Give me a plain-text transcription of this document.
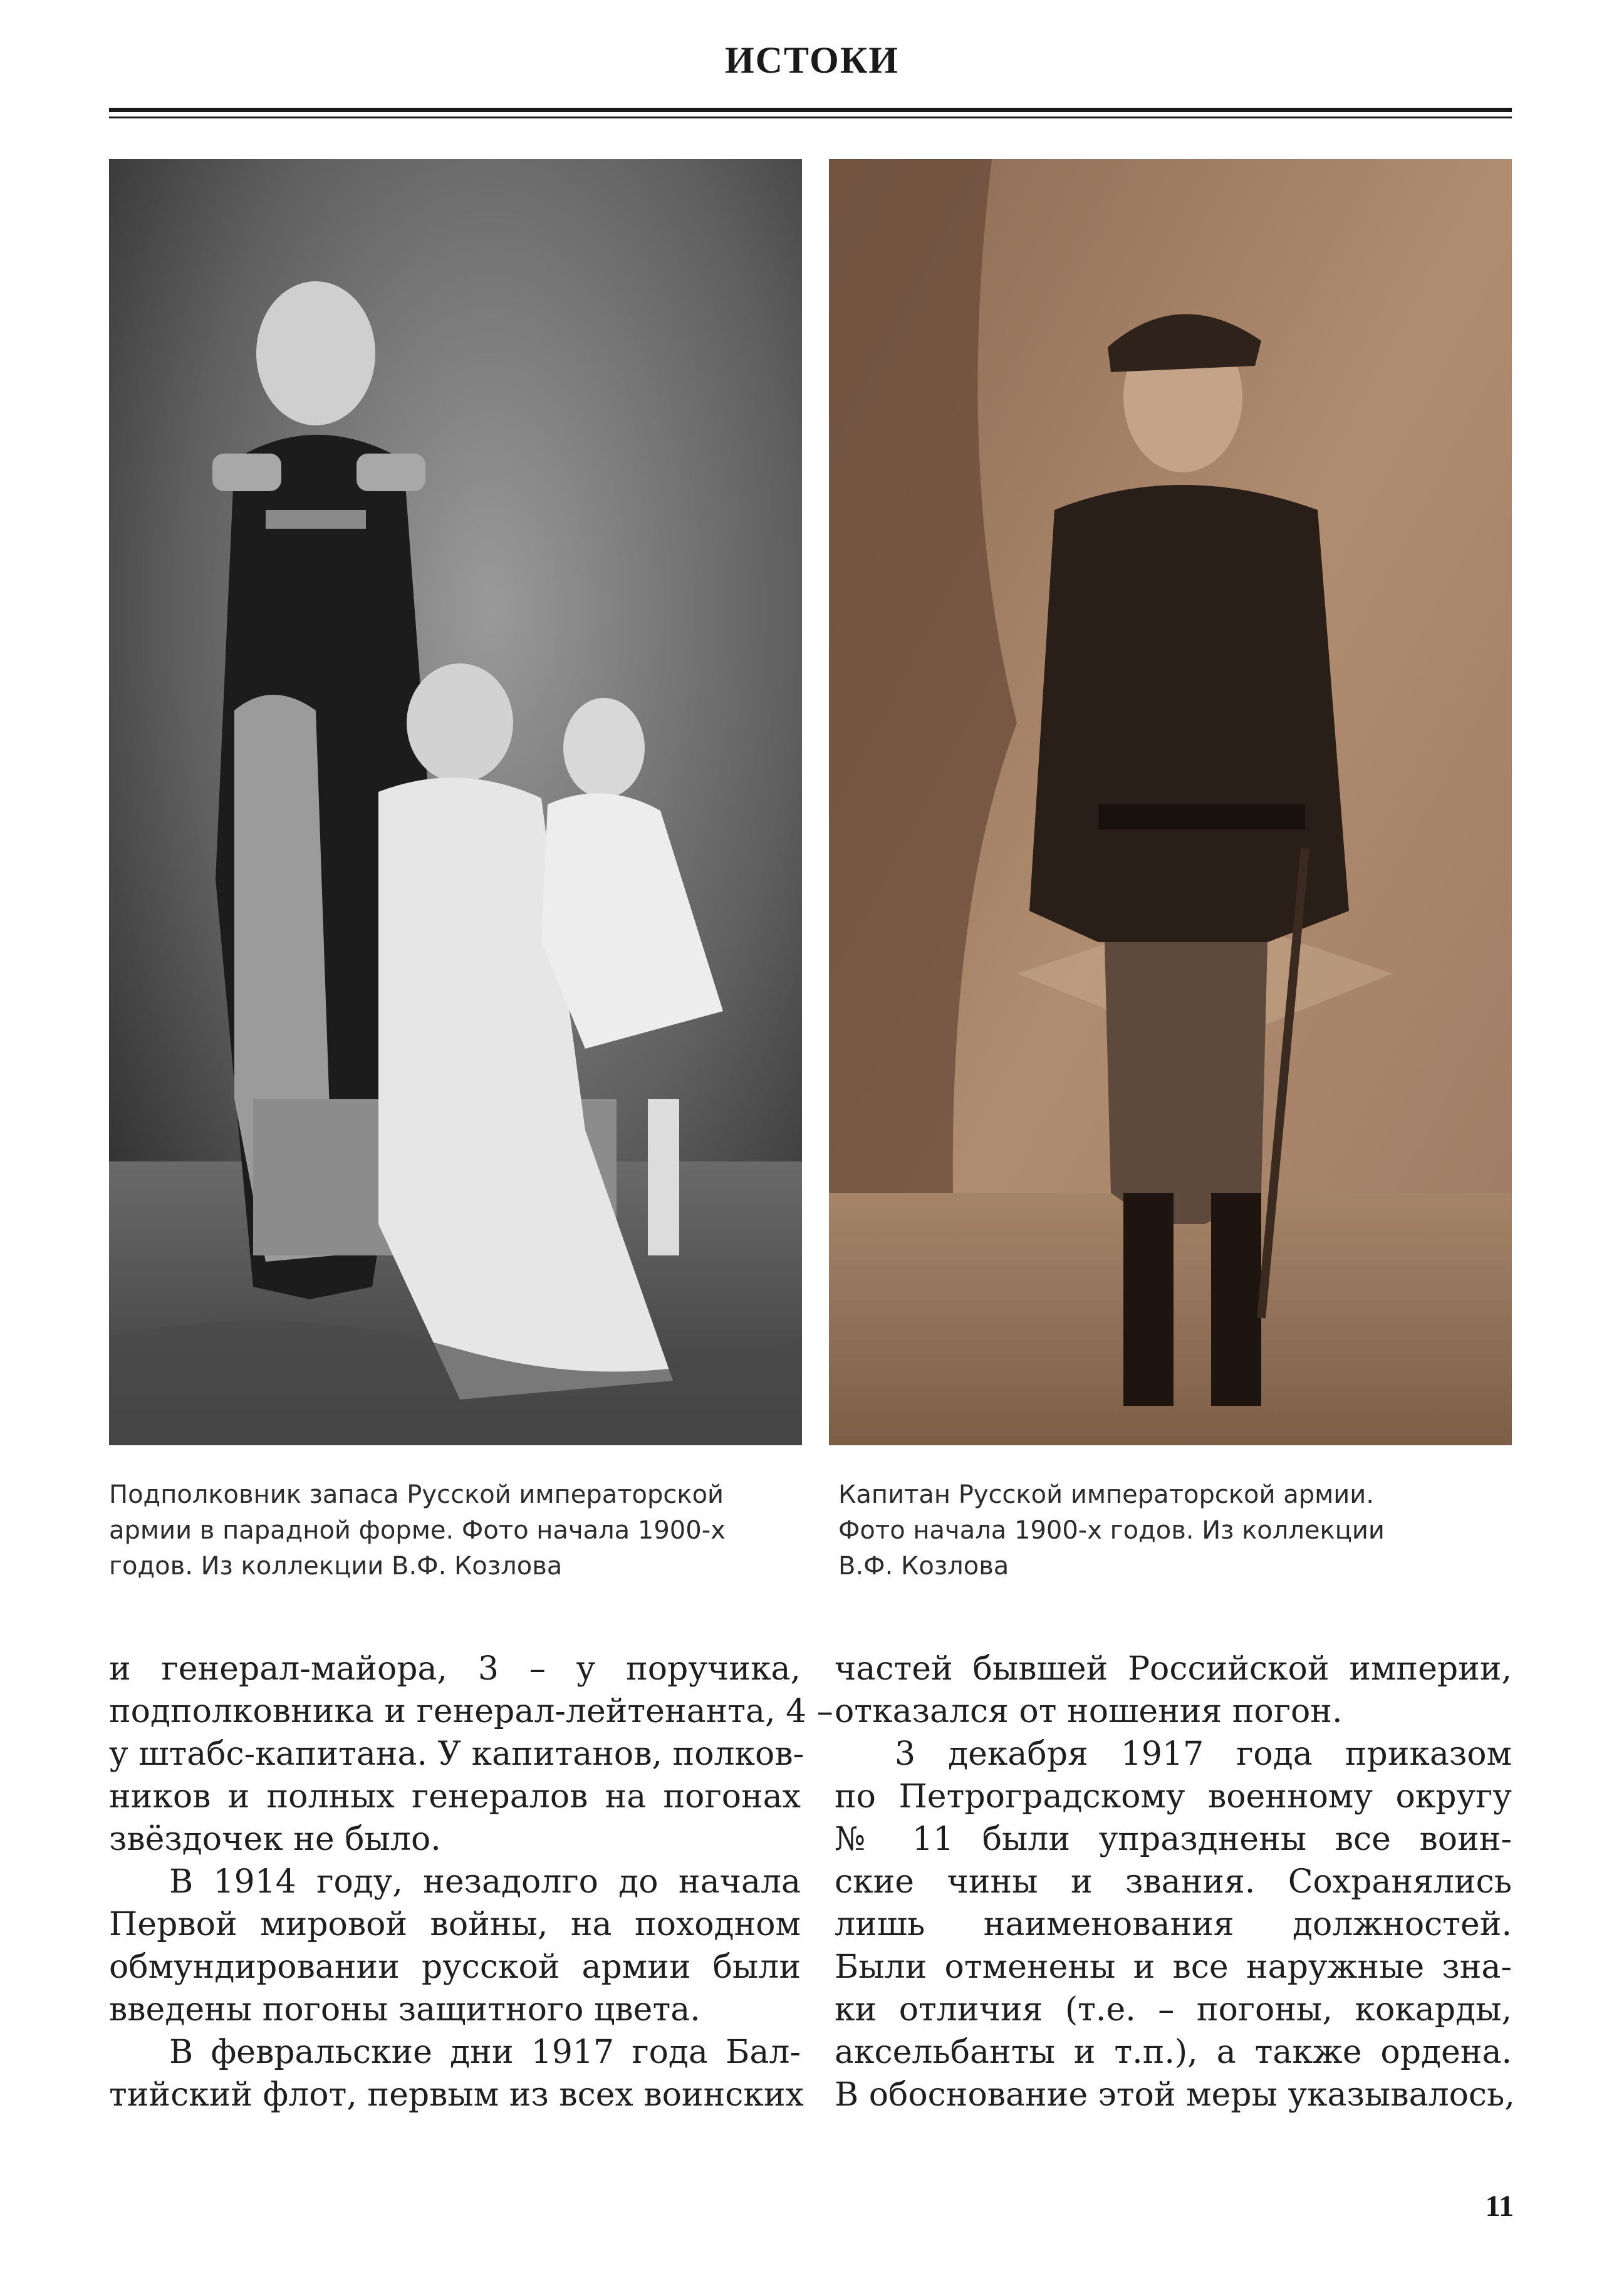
ИСТОКИ
Подполковник запаса Русской императорской
армии в парадной форме. Фото начала 1900-х
годов. Из коллекции В.Ф. Козлова
Капитан Русской императорской армии.
Фото начала 1900-х годов. Из коллекции
В.Ф. Козлова
и генерал-майора, 3 – у поручика,
подполковника и генерал-лейтенанта, 4 –
у штабс-капитана. У капитанов, полков-
ников и полных генералов на погонах
звёздочек не было.
В 1914 году, незадолго до начала
Первой мировой войны, на походном
обмундировании русской армии были
введены погоны защитного цвета.
В февральские дни 1917 года Бал-
тийский флот, первым из всех воинских
частей бывшей Российской империи,
отказался от ношения погон.
3 декабря 1917 года приказом
по Петроградскому военному округу
№ 11 были упразднены все воин-
ские чины и звания. Сохранялись
лишь наименования должностей.
Были отменены и все наружные зна-
ки отличия (т.е. – погоны, кокарды,
аксельбанты и т.п.), а также ордена.
В обоснование этой меры указывалось,
11
